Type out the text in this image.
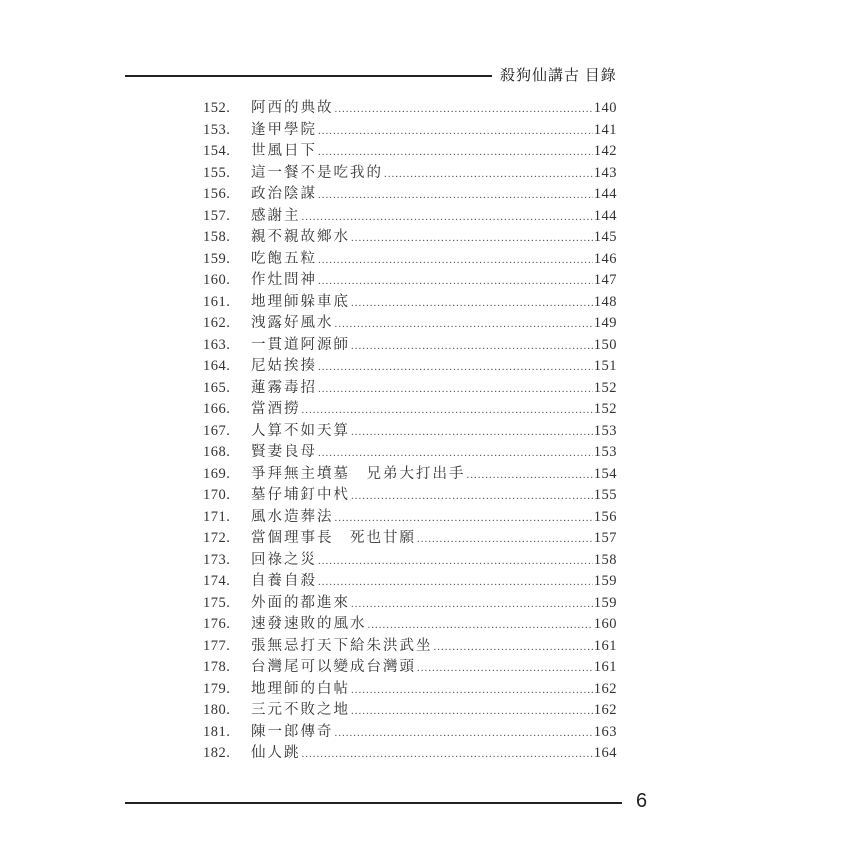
殺狗仙講古 目錄
152.	阿西的典故 .....	140
153.	逢甲學院 .....	141
154.	世風日下 .....	142
155.	這一餐不是吃我的 .....	143
156.	政治陰謀 .....	144
157.	感謝主 .....	144
158.	親不親故鄉水 .....	145
159.	吃飽五粒 .....	146
160.	作灶問神 .....	147
161.	地理師躲車底 .....	148
162.	洩露好風水 .....	149
163.	一貫道阿源師 .....	150
164.	尼姑挨揍 .....	151
165.	蓮霧毒招 .....	152
166.	當酒撈 .....	152
167.	人算不如天算 .....	153
168.	賢妻良母 .....	153
169.	爭拜無主墳墓　兄弟大打出手 .....	154
170.	墓仔埔釘中杙 .....	155
171.	風水造葬法 .....	156
172.	當個理事長　死也甘願 .....	157
173.	回祿之災 .....	158
174.	自養自殺 .....	159
175.	外面的都進來 .....	159
176.	速發速敗的風水 .....	160
177.	張無忌打天下給朱洪武坐 .....	161
178.	台灣尾可以變成台灣頭 .....	161
179.	地理師的白帖 .....	162
180.	三元不敗之地 .....	162
181.	陳一郎傳奇 .....	163
182.	仙人跳 .....	164
6
